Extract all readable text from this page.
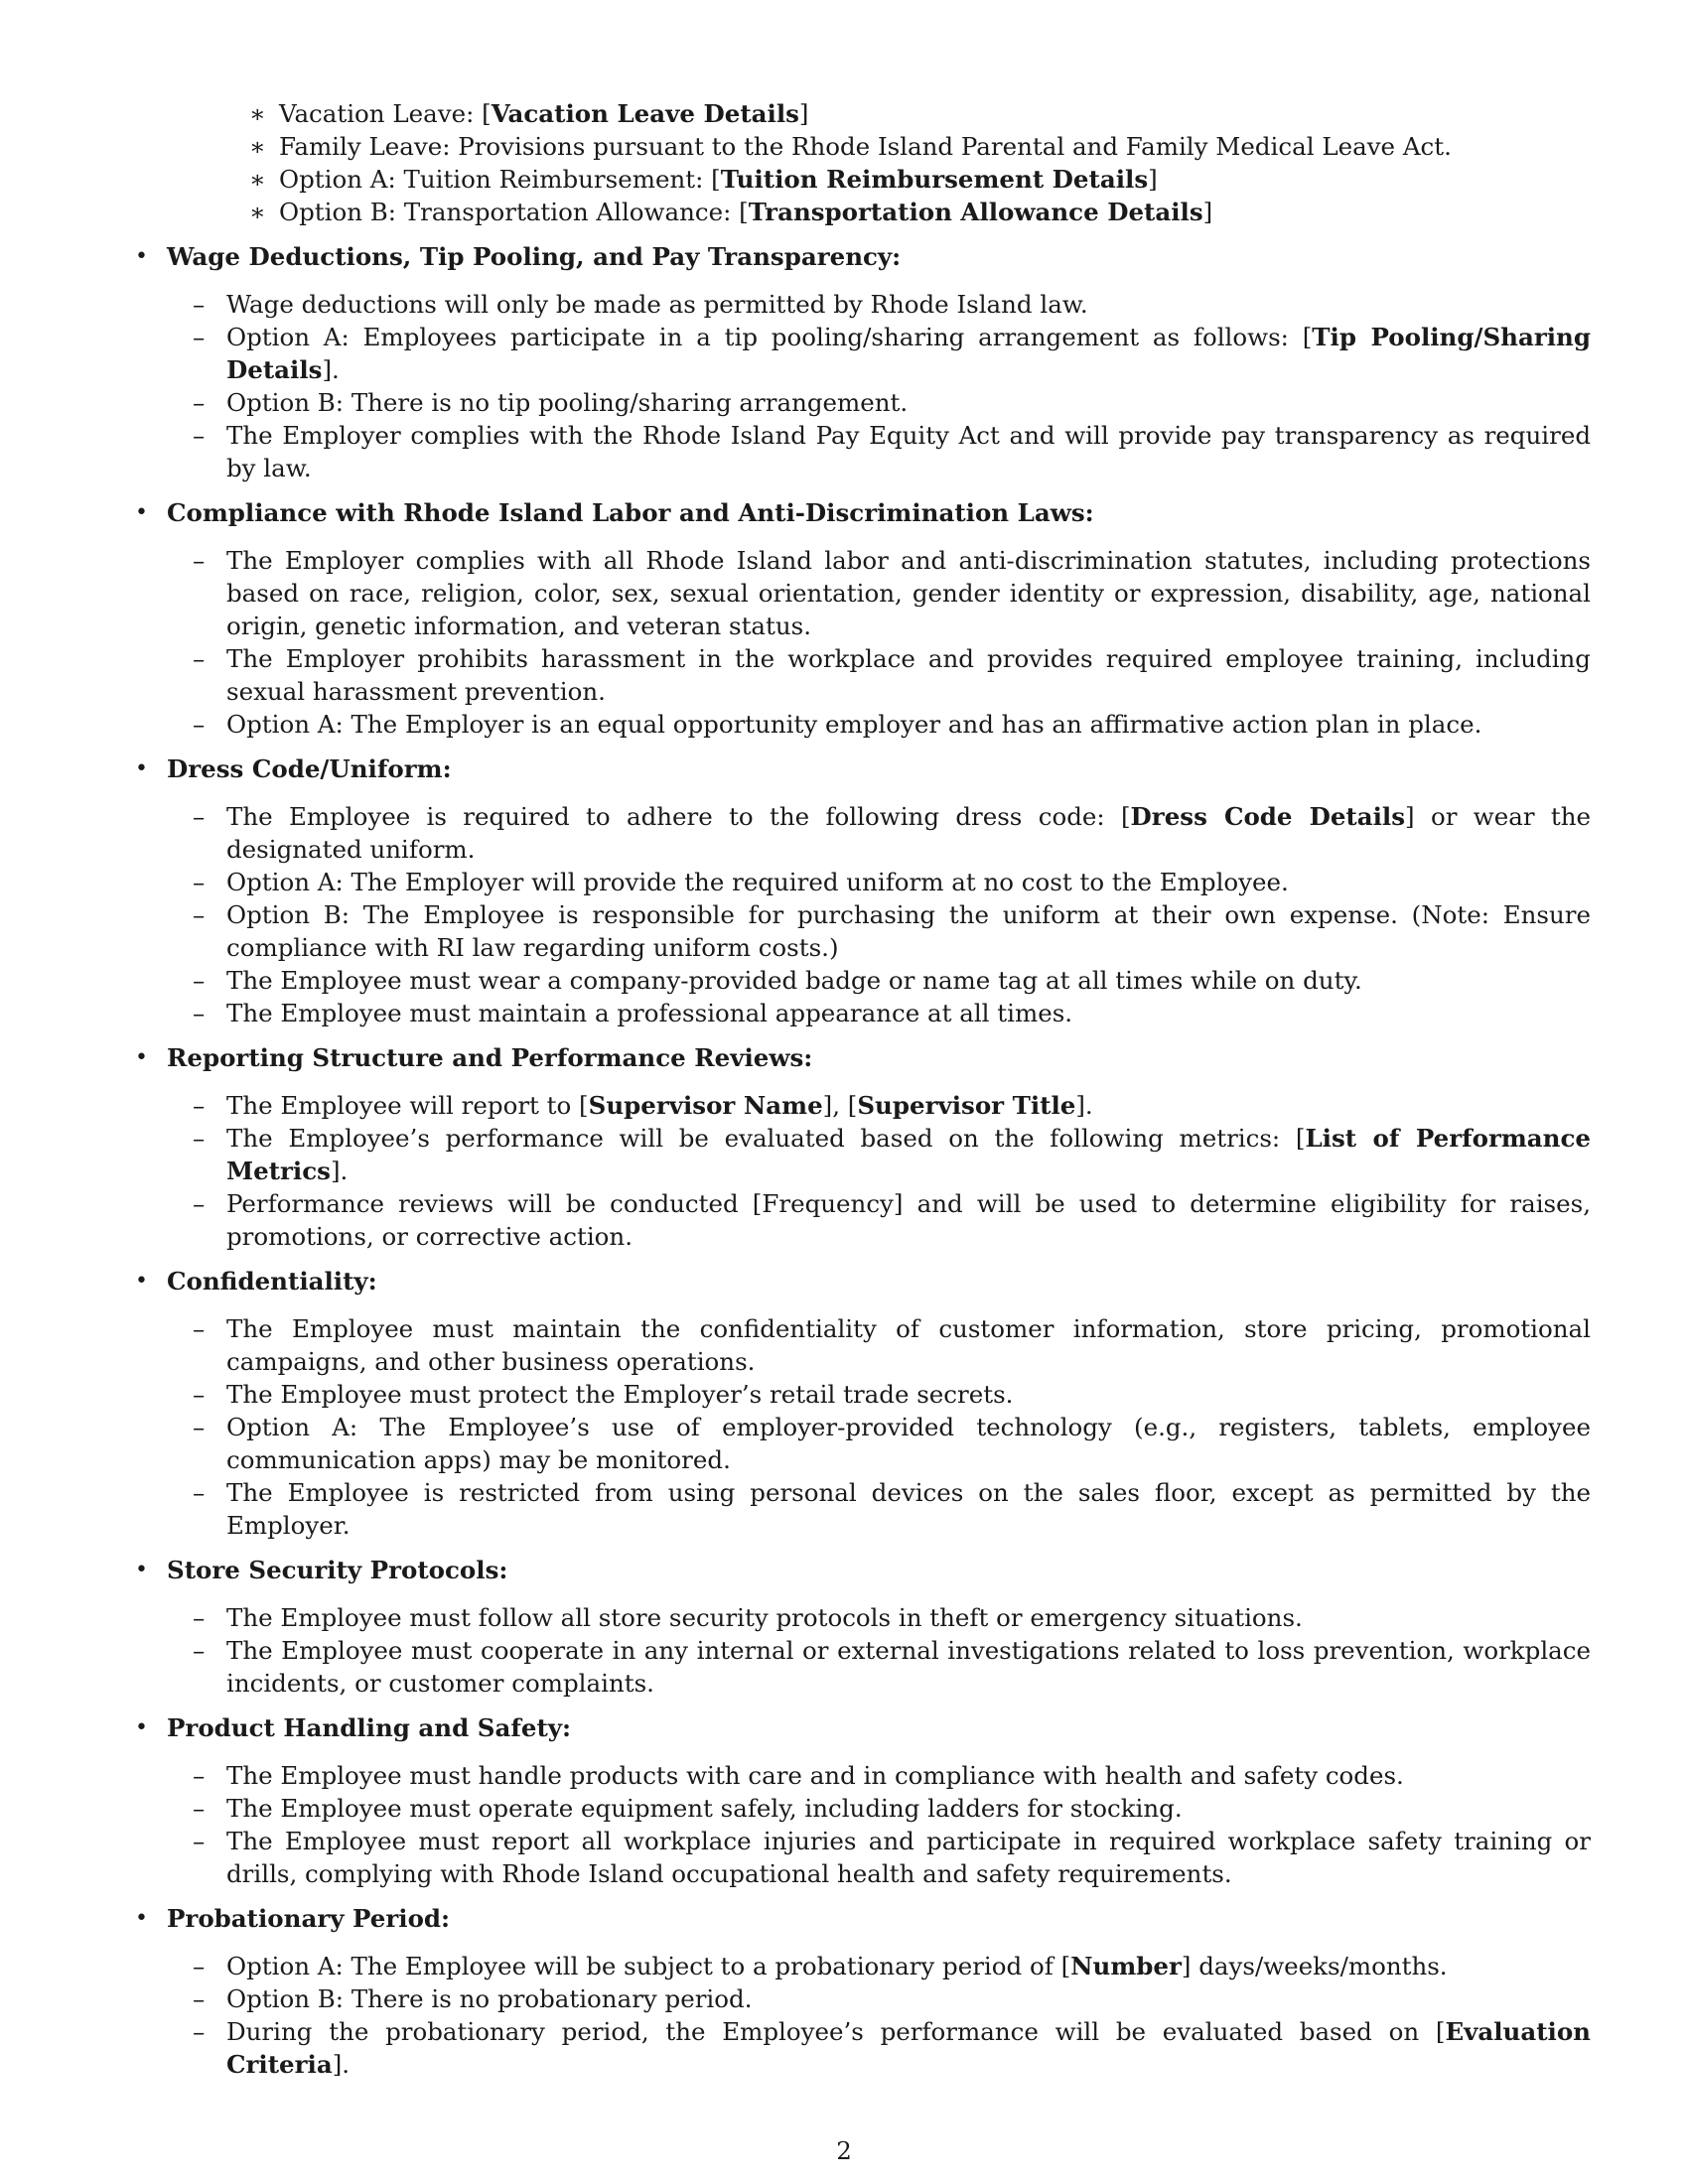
∗ Vacation Leave: [Vacation Leave Details]
∗ Family Leave: Provisions pursuant to the Rhode Island Parental and Family Medical Leave Act.
∗ Option A: Tuition Reimbursement: [Tuition Reimbursement Details]
∗ Option B: Transportation Allowance: [Transportation Allowance Details]
• Wage Deductions, Tip Pooling, and Pay Transparency:
– Wage deductions will only be made as permitted by Rhode Island law.
– Option A: Employees participate in a tip pooling/sharing arrangement as follows: [Tip Pooling/Sharing Details].
– Option B: There is no tip pooling/sharing arrangement.
– The Employer complies with the Rhode Island Pay Equity Act and will provide pay transparency as required by law.
• Compliance with Rhode Island Labor and Anti-Discrimination Laws:
– The Employer complies with all Rhode Island labor and anti-discrimination statutes, including protections based on race, religion, color, sex, sexual orientation, gender identity or expression, disability, age, national origin, genetic information, and veteran status.
– The Employer prohibits harassment in the workplace and provides required employee training, including sexual harassment prevention.
– Option A: The Employer is an equal opportunity employer and has an affirmative action plan in place.
• Dress Code/Uniform:
– The Employee is required to adhere to the following dress code: [Dress Code Details] or wear the designated uniform.
– Option A: The Employer will provide the required uniform at no cost to the Employee.
– Option B: The Employee is responsible for purchasing the uniform at their own expense. (Note: Ensure compliance with RI law regarding uniform costs.)
– The Employee must wear a company-provided badge or name tag at all times while on duty.
– The Employee must maintain a professional appearance at all times.
• Reporting Structure and Performance Reviews:
– The Employee will report to [Supervisor Name], [Supervisor Title].
– The Employee’s performance will be evaluated based on the following metrics: [List of Performance Metrics].
– Performance reviews will be conducted [Frequency] and will be used to determine eligibility for raises, promotions, or corrective action.
• Confidentiality:
– The Employee must maintain the confidentiality of customer information, store pricing, promotional campaigns, and other business operations.
– The Employee must protect the Employer’s retail trade secrets.
– Option A: The Employee’s use of employer-provided technology (e.g., registers, tablets, employee communication apps) may be monitored.
– The Employee is restricted from using personal devices on the sales floor, except as permitted by the Employer.
• Store Security Protocols:
– The Employee must follow all store security protocols in theft or emergency situations.
– The Employee must cooperate in any internal or external investigations related to loss prevention, workplace incidents, or customer complaints.
• Product Handling and Safety:
– The Employee must handle products with care and in compliance with health and safety codes.
– The Employee must operate equipment safely, including ladders for stocking.
– The Employee must report all workplace injuries and participate in required workplace safety training or drills, complying with Rhode Island occupational health and safety requirements.
• Probationary Period:
– Option A: The Employee will be subject to a probationary period of [Number] days/weeks/months.
– Option B: There is no probationary period.
– During the probationary period, the Employee’s performance will be evaluated based on [Evaluation Criteria].
2
